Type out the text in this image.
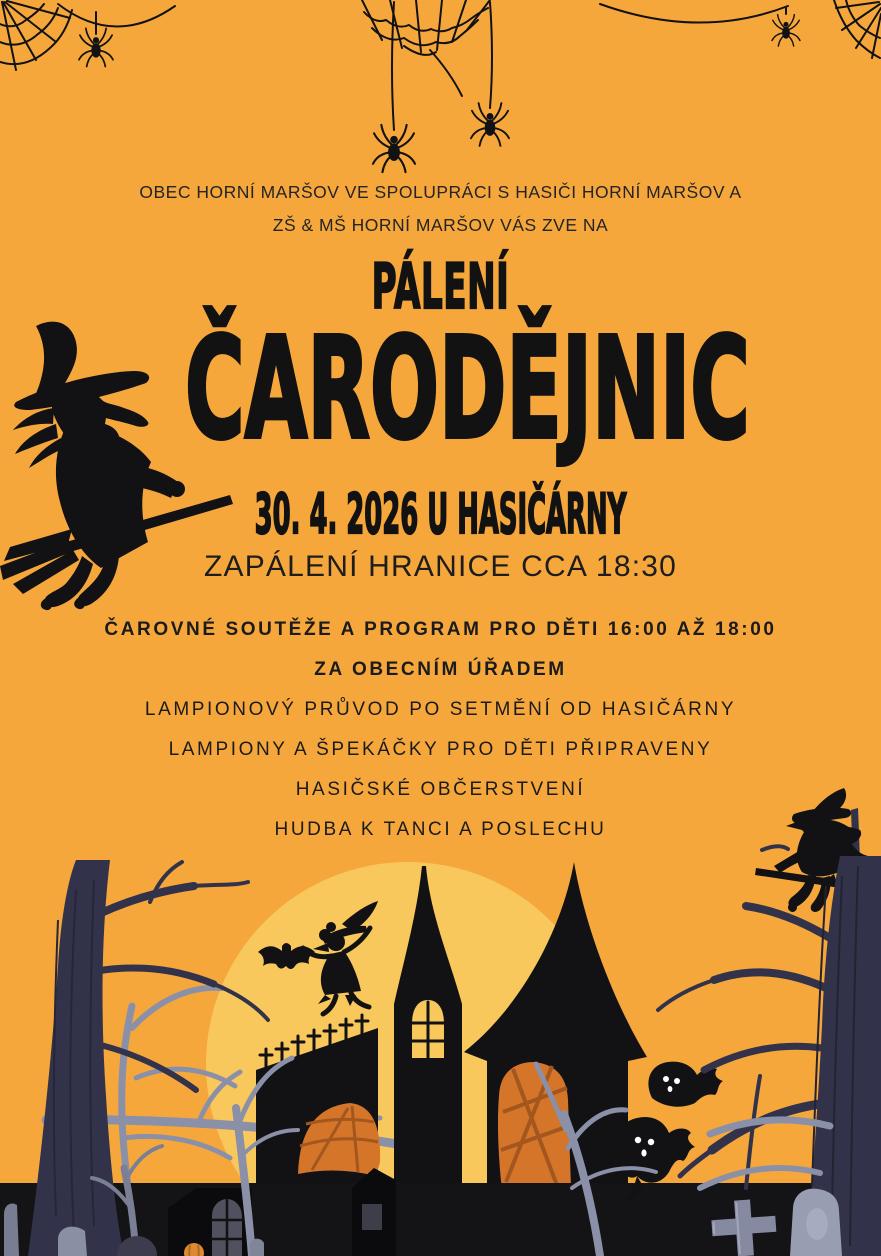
OBEC HORNÍ MARŠOV VE SPOLUPRÁCI S HASIČI HORNÍ MARŠOV A
ZŠ & MŠ HORNÍ MARŠOV VÁS ZVE NA
PÁLENÍ
ČARODĚJNIC
30. 4. 2026 U HASIČÁRNY
ZAPÁLENÍ HRANICE CCA 18:30
ČAROVNÉ SOUTĚŽE A PROGRAM PRO DĚTI 16:00 AŽ 18:00
ZA OBECNÍM ÚŘADEM
LAMPIONOVÝ PRŮVOD PO SETMĚNÍ OD HASIČÁRNY
LAMPIONY A ŠPEKÁČKY PRO DĚTI PŘIPRAVENY
HASIČSKÉ OBČERSTVENÍ
HUDBA K TANCI A POSLECHU
